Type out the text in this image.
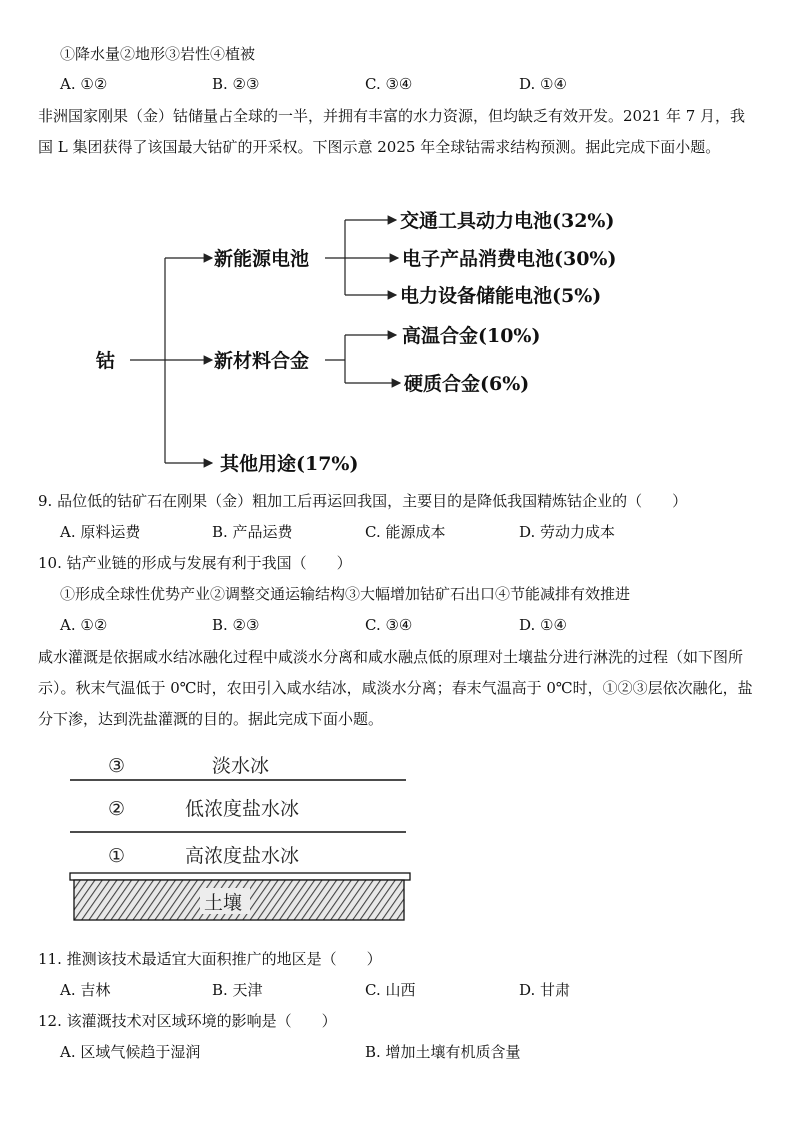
①降水量②地形③岩性④植被
A. ①②	B. ②③	C. ③④	D. ①④
非洲国家刚果（金）钴储量占全球的一半，并拥有丰富的水力资源，但均缺乏有效开发。2021 年 7 月，我国 L 集团获得了该国最大钴矿的开采权。下图示意 2025 年全球钴需求结构预测。据此完成下面小题。
钴
新能源电池
新材料合金
其他用途(17%)
交通工具动力电池(32%)
电子产品消费电池(30%)
电力设备储能电池(5%)
高温合金(10%)
硬质合金(6%)
9. 品位低的钴矿石在刚果（金）粗加工后再运回我国，主要目的是降低我国精炼钴企业的（　　）
A. 原料运费	B. 产品运费	C. 能源成本	D. 劳动力成本
10. 钴产业链的形成与发展有利于我国（　　）
①形成全球性优势产业②调整交通运输结构③大幅增加钴矿石出口④节能减排有效推进
A. ①②	B. ②③	C. ③④	D. ①④
咸水灌溉是依据咸水结冰融化过程中咸淡水分离和咸水融点低的原理对土壤盐分进行淋洗的过程（如下图所示）。秋末气温低于 0℃时，农田引入咸水结冰，咸淡水分离；春末气温高于 0℃时，①②③层依次融化，盐分下渗，达到洗盐灌溉的目的。据此完成下面小题。
③	淡水冰
②	低浓度盐水冰
①	高浓度盐水冰
土壤
11. 推测该技术最适宜大面积推广的地区是（　　）
A. 吉林	B. 天津	C. 山西	D. 甘肃
12. 该灌溉技术对区域环境的影响是（　　）
A. 区域气候趋于湿润	B. 增加土壤有机质含量
